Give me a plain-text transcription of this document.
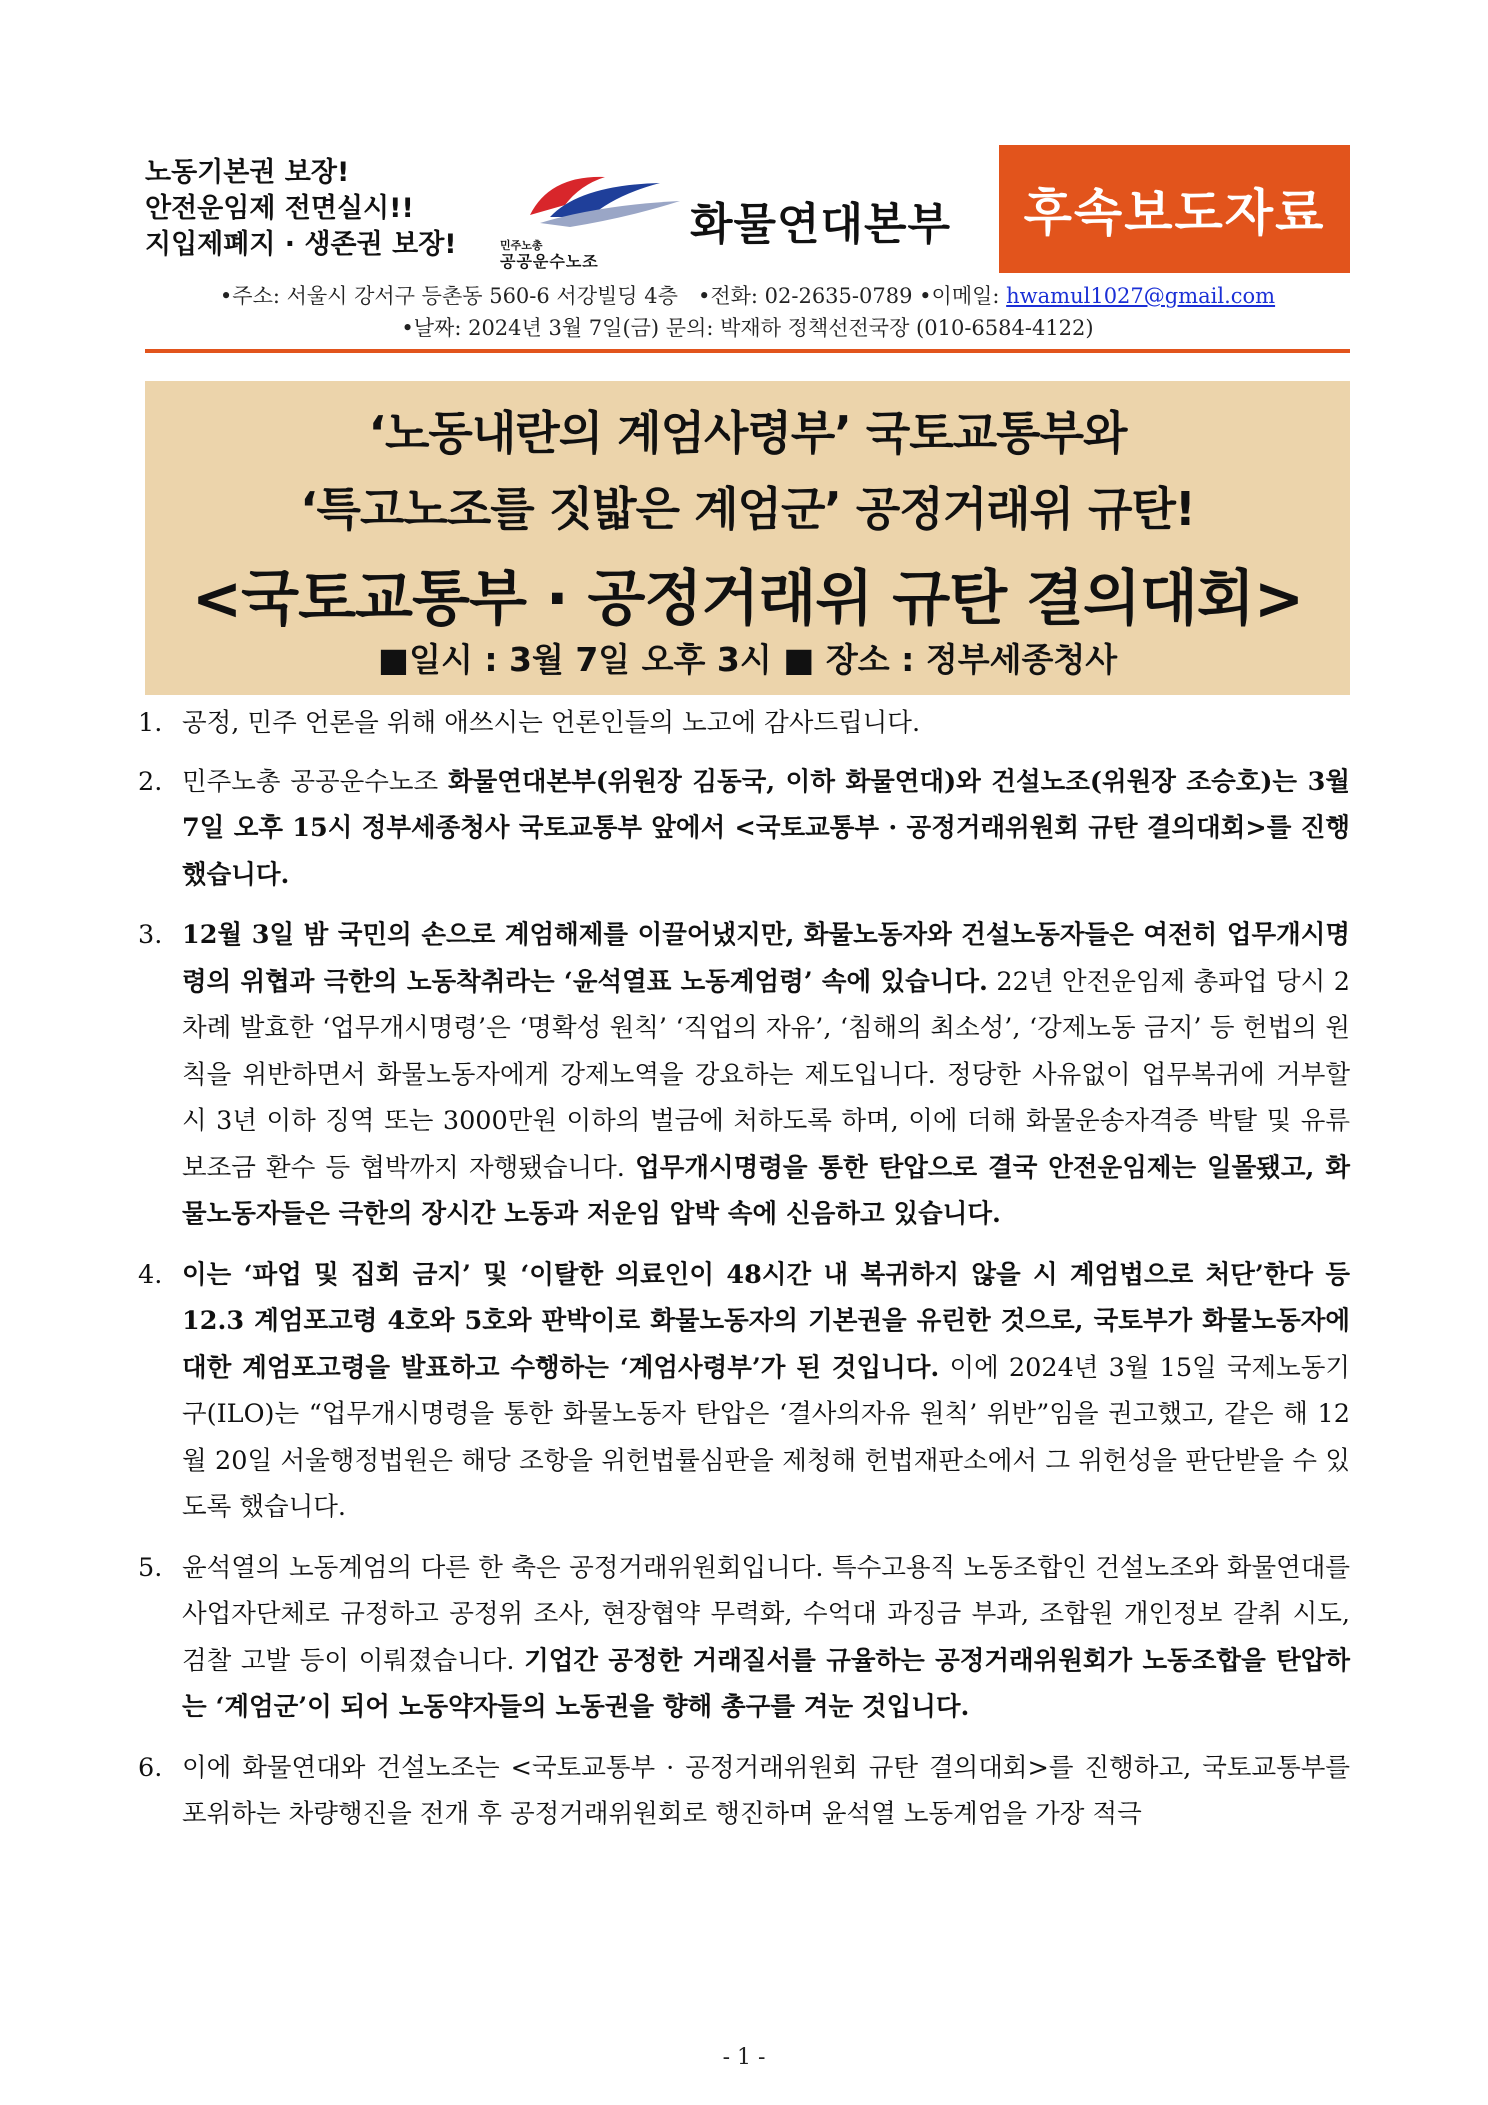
노동기본권 보장!
안전운임제 전면실시!!
지입제폐지 · 생존권 보장!	민주노총
공공운수노조
화물연대본부	후속보도자료
•주소: 서울시 강서구 등촌동 560-6 서강빌딩 4층 •전화: 02-2635-0789 •이메일: hwamul1027@gmail.com
•날짜: 2024년 3월 7일(금) 문의: 박재하 정책선전국장 (010-6584-4122)
‘노동내란의 계엄사령부’ 국토교통부와
‘특고노조를 짓밟은 계엄군’ 공정거래위 규탄!
<국토교통부 · 공정거래위 규탄 결의대회>
■일시 : 3월 7일 오후 3시 ■ 장소 : 정부세종청사
1. 공정, 민주 언론을 위해 애쓰시는 언론인들의 노고에 감사드립니다.

2. 민주노총 공공운수노조 화물연대본부(위원장 김동국, 이하 화물연대)와 건설노조(위원장 조승호)는 3월 7일 오후 15시 정부세종청사 국토교통부 앞에서 <국토교통부 · 공정거래위원회 규탄 결의대회>를 진행했습니다.

3. 12월 3일 밤 국민의 손으로 계엄해제를 이끌어냈지만, 화물노동자와 건설노동자들은 여전히 업무개시명령의 위협과 극한의 노동착취라는 ‘윤석열표 노동계엄령’ 속에 있습니다. 22년 안전운임제 총파업 당시 2차례 발효한 ‘업무개시명령’은 ‘명확성 원칙’ ‘직업의 자유’, ‘침해의 최소성’, ‘강제노동 금지’ 등 헌법의 원칙을 위반하면서 화물노동자에게 강제노역을 강요하는 제도입니다. 정당한 사유없이 업무복귀에 거부할 시 3년 이하 징역 또는 3000만원 이하의 벌금에 처하도록 하며, 이에 더해 화물운송자격증 박탈 및 유류보조금 환수 등 협박까지 자행됐습니다. 업무개시명령을 통한 탄압으로 결국 안전운임제는 일몰됐고, 화물노동자들은 극한의 장시간 노동과 저운임 압박 속에 신음하고 있습니다.

4. 이는 ‘파업 및 집회 금지’ 및 ‘이탈한 의료인이 48시간 내 복귀하지 않을 시 계엄법으로 처단’한다 등 12.3 계엄포고령 4호와 5호와 판박이로 화물노동자의 기본권을 유린한 것으로, 국토부가 화물노동자에 대한 계엄포고령을 발표하고 수행하는 ‘계엄사령부’가 된 것입니다. 이에 2024년 3월 15일 국제노동기구(ILO)는 “업무개시명령을 통한 화물노동자 탄압은 ‘결사의자유 원칙’ 위반”임을 권고했고, 같은 해 12월 20일 서울행정법원은 해당 조항을 위헌법률심판을 제청해 헌법재판소에서 그 위헌성을 판단받을 수 있도록 했습니다.

5. 윤석열의 노동계엄의 다른 한 축은 공정거래위원회입니다. 특수고용직 노동조합인 건설노조와 화물연대를 사업자단체로 규정하고 공정위 조사, 현장협약 무력화, 수억대 과징금 부과, 조합원 개인정보 갈취 시도, 검찰 고발 등이 이뤄졌습니다. 기업간 공정한 거래질서를 규율하는 공정거래위원회가 노동조합을 탄압하는 ‘계엄군’이 되어 노동약자들의 노동권을 향해 총구를 겨눈 것입니다.

6. 이에 화물연대와 건설노조는 <국토교통부 · 공정거래위원회 규탄 결의대회>를 진행하고, 국토교통부를 포위하는 차량행진을 전개 후 공정거래위원회로 행진하며 윤석열 노동계엄을 가장 적극

- 1 -
